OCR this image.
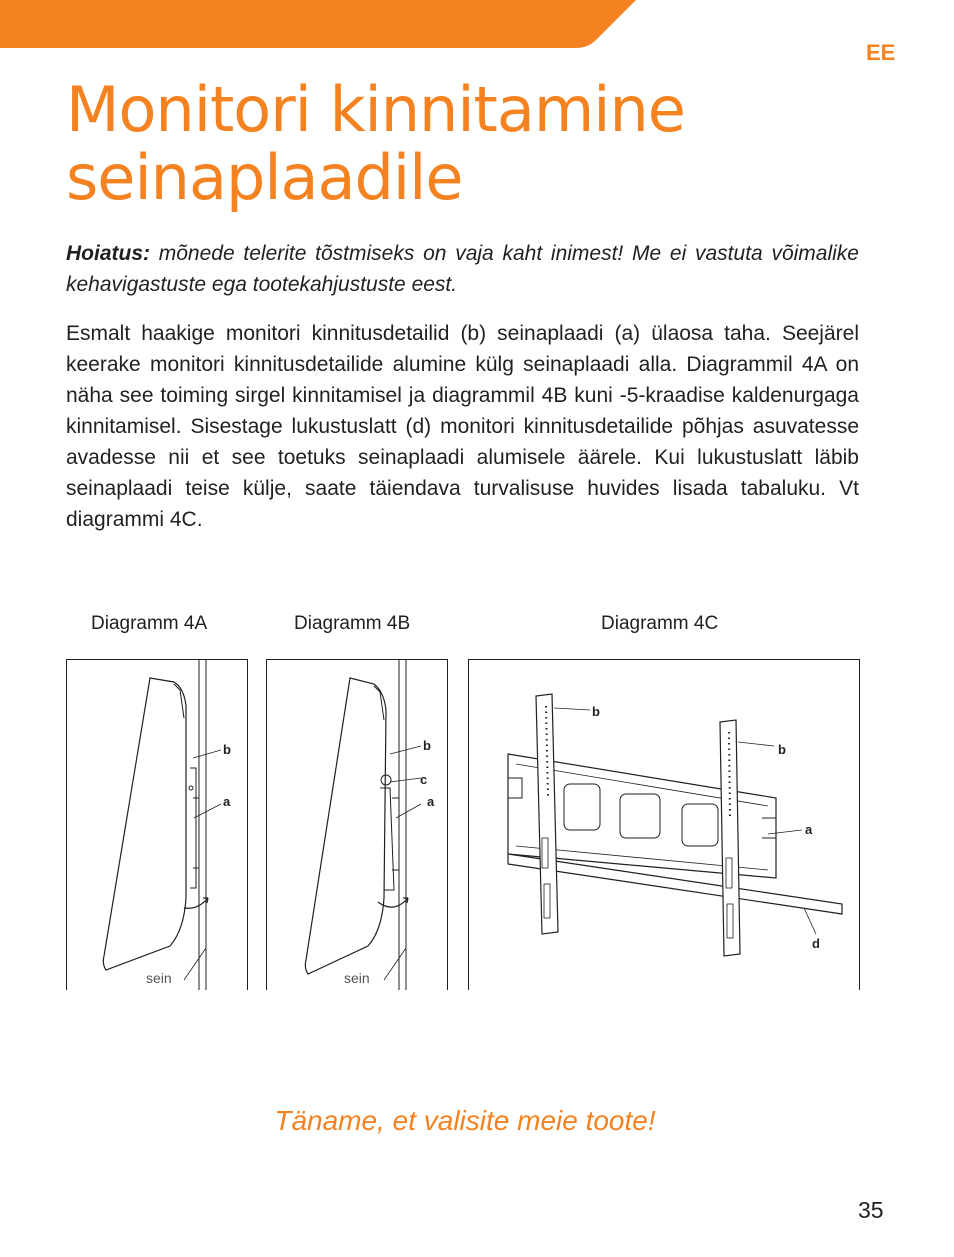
EE
Monitori kinnitamine
seinaplaadile

Hoiatus: mõnede telerite tõstmiseks on vaja kaht inimest! Me ei vastuta võimalike kehavigastuste ega tootekahjustuste eest.

Esmalt haakige monitori kinnitusdetailid (b) seinaplaadi (a) ülaosa taha. Seejärel keerake monitori kinnitusdetailide alumine külg seinaplaadi alla. Diagrammil 4A on näha see toiming sirgel kinnitamisel ja diagrammil 4B kuni -5-kraadise kaldenurgaga kinnitamisel. Sisestage lukustuslatt (d) monitori kinnitusdetailide põhjas asuvatesse avadesse nii et see toetuks seinaplaadi alumisele äärele. Kui lukustuslatt läbib seinaplaadi teise külje, saate täiendava turvalisuse huvides lisada tabaluku. Vt diagrammi 4C.

Diagramm 4A	Diagramm 4B	Diagramm 4C
b
a
sein
b
c
a
sein
b
b
a
d
Täname, et valisite meie toote!
35
